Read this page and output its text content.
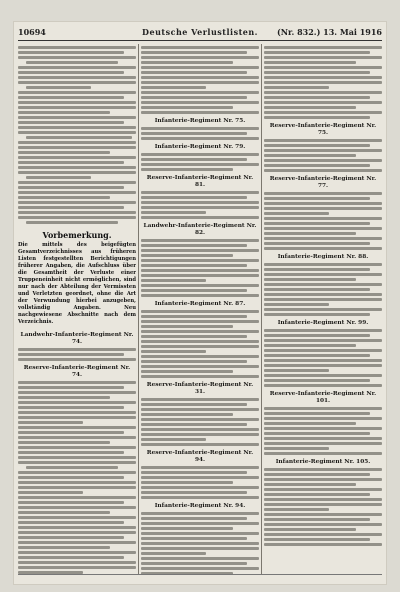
10694	Deutsche Verlustlisten.	(Nr. 832.) 13. Mai 1916
Vorbemerkung.
Die mittels des beigefügten Gesamtverzeichnisses aus früheren Listen festgestellten Berichtigungen früherer Angaben, die Aufschluss über die Gesamtheit der Verluste einer Truppeneinheit nicht ermöglichen, sind nur nach der Abteilung der Vermissten und Verletzten geordnet, ohne die Art der Verwundung hierbei anzugeben, vollständig Angaben. Neu nachgewiesene Abschnitte nach dem Verzeichnis.
Landwehr-Infanterie-Regiment Nr. 74.
Reserve-Infanterie-Regiment Nr. 74.
Infanterie-Regiment Nr. 75.
Infanterie-Regiment Nr. 79.
Reserve-Infanterie-Regiment Nr. 81.
Landwehr-Infanterie-Regiment Nr. 82.
Infanterie-Regiment Nr. 87.
Reserve-Infanterie-Regiment Nr. 31.
Reserve-Infanterie-Regiment Nr. 94.
Infanterie-Regiment Nr. 94.
Reserve-Infanterie-Regiment Nr. 75.
Reserve-Infanterie-Regiment Nr. 77.
Infanterie-Regiment Nr. 88.
Infanterie-Regiment Nr. 99.
Reserve-Infanterie-Regiment Nr. 101.
Infanterie-Regiment Nr. 105.
